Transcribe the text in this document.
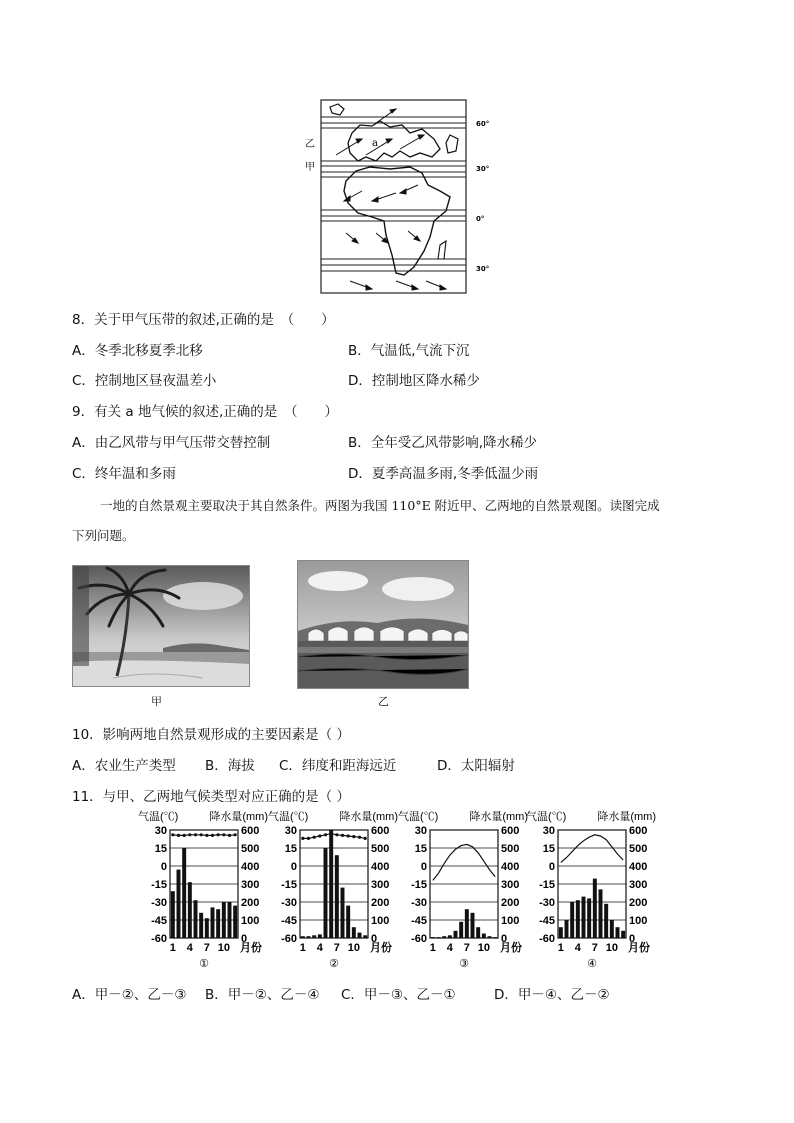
乙
甲
a
60°
30°
0°
30°
8．关于甲气压带的叙述,正确的是　（　　）
A．冬季北移夏季北移	B．气温低,气流下沉
C．控制地区昼夜温差小	D．控制地区降水稀少
9．有关 a 地气候的叙述,正确的是　（　　）
A．由乙风带与甲气压带交替控制	B．全年受乙风带影响,降水稀少
C．终年温和多雨	D．夏季高温多雨,冬季低温少雨
一地的自然景观主要取决于其自然条件。两图为我国 110°E 附近甲、乙两地的自然景观图。读图完成
下列问题。
甲	乙
10．影响两地自然景观形成的主要因素是（ ）
A．农业生产类型 B．海拔 C．纬度和距海远近	D．太阳辐射
11．与甲、乙两地气候类型对应正确的是（ ）
气温(℃)	降水量(mm)
30
15
0
-15
-30
-45
-60
600
500
400
300
200
100
0
1 4 7 10 月份
①
气温(℃)	降水量(mm)
30
15
0
-15
-30
-45
-60
600
500
400
300
200
100
0
1 4 7 10 月份
②
气温(℃)	降水量(mm)
30
15
0
-15
-30
-45
-60
600
500
400
300
200
100
0
1 4 7 10 月份
③
气温(℃)	降水量(mm)
30
15
0
-15
-30
-45
-60
600
500
400
300
200
100
0
1 4 7 10 月份
④
A．甲－②、乙－③ B．甲－②、乙－④ C．甲－③、乙－①	D．甲－④、乙－②
